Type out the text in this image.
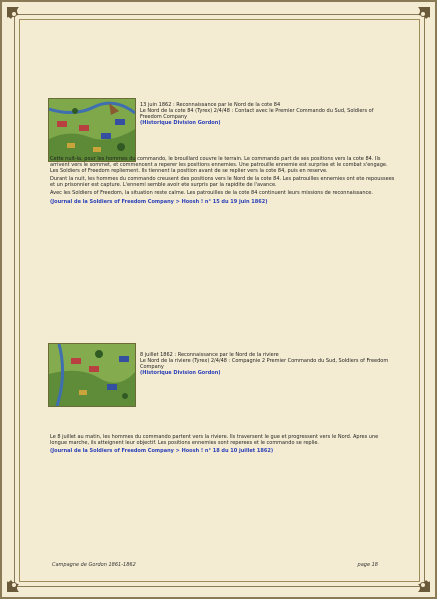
13 juin 1862 : Reconnaissance par le Nord de la cote 84
Le Nord de la cote 84 (Tyrex) 2/4/48 : Contact avec le Premier Commando du Sud, Soldiers of Freedom Company
(Historique Division Gordon)
Cette nuit-la, pour les hommes du commando, le brouillard couvre le terrain. Le commando part de ses positions vers la cote 84. Ils arrivent vers le sommet, et commencent a reperer les positions ennemies. Une patrouille ennemie est surprise et le combat s'engage. Les Soldiers of Freedom repliement. Ils tiennent la position avant de se replier vers la cote 84, puis en reserve.
Durant la nuit, les hommes du commando creusent des positions vers le Nord de la cote 84. Les patrouilles ennemies ont ete repoussees et un prisonnier est capture. L'ennemi semble avoir ete surpris par la rapidite de l'avance.
Avec les Soldiers of Freedom, la situation reste calme. Les patrouilles de la cote 84 continuent leurs missions de reconnaissance.
(Journal de la Soldiers of Freedom Company > Hoosh ! n° 15 du 19 juin 1862)
8 juillet 1862 : Reconnaissance par le Nord de la riviere
Le Nord de la riviere (Tyrex) 2/4/48 : Compagnie 2 Premier Commando du Sud, Soldiers of Freedom Company
(Historique Division Gordon)
Le 8 juillet au matin, les hommes du commando partent vers la riviere. Ils traversent le gue et progressent vers le Nord. Apres une longue marche, ils atteignent leur objectif. Les positions ennemies sont reperees et le commando se replie.
(Journal de la Soldiers of Freedom Company > Hoosh ! n° 18 du 10 juillet 1862)
Campagne de Gordon 1861-1862	page 18
